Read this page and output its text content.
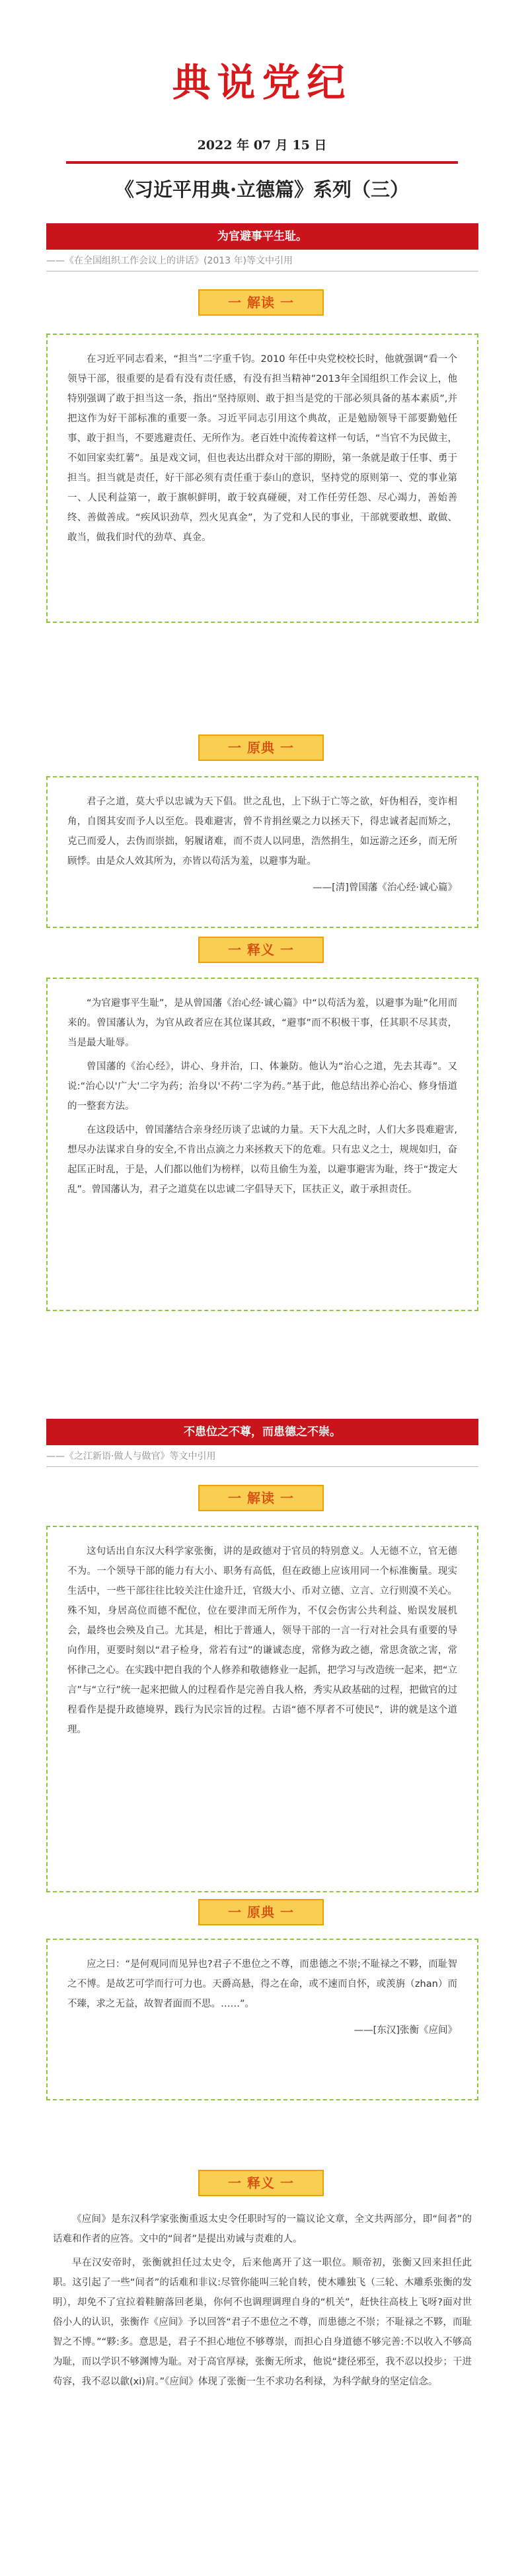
典说党纪
2022 年 07 月 15 日
《习近平用典·立德篇》系列（三）
为官避事平生耻。
——《在全国组织工作会议上的讲话》(2013 年)等文中引用
一 解读 一

在习近平同志看来，“担当”二字重千钧。2010 年任中央党校校长时，他就强调“看一个领导干部，很重要的是看有没有责任感，有没有担当精神”2013年全国组织工作会议上，他特别强调了敢于担当这一条，指出“坚持原则、敢于担当是党的干部必须具备的基本素质”,并把这作为好干部标准的重要一条。习近平同志引用这个典故，正是勉励领导干部要勤勉任事、敢于担当，不要逃避责任、无所作为。老百姓中流传着这样一句话，“当官不为民做主，不如回家卖红薯”。虽是戏文词，但也表达出群众对干部的期盼，第一条就是敢于任事、勇于担当。担当就是责任，好干部必须有责任重于泰山的意识，坚持党的原则第一、党的事业第一、人民利益第一，敢于旗帜鲜明，敢于较真碰硬，对工作任劳任怨、尽心竭力，善始善终、善做善成。“疾风识劲草，烈火见真金”，为了党和人民的事业，干部就要敢想、敢做、敢当，做我们时代的劲草、真金。

一 原典 一

君子之道，莫大乎以忠诚为天下倡。世之乱也，上下纵于亡等之欲，奸伪相吞，变诈相角，自图其安而予人以至危。畏难避害，曾不肯捐丝粟之力以拯天下，得忠诚者起而矫之，克己而爱人，去伪而崇拙，躬履诸难，而不责人以同患，浩然捐生，如远游之还乡，而无所顾悸。由是众人效其所为，亦皆以苟活为羞，以避事为耻。

——[清]曾国藩《治心经·诚心篇》

一 释义 一

“为官避事平生耻”，是从曾国藩《治心经·诚心篇》中“以苟活为羞，以避事为耻”化用而来的。曾国藩认为，为官从政者应在其位谋其政，“避事”而不积极干事，任其职不尽其责，当是最大耻辱。

曾国藩的《治心经》，讲心、身并治，口、体兼防。他认为“治心之道，先去其毒”。又说:“治心以'广大'二字为药；治身以'不药'二字为药。”基于此，他总结出养心治心、修身悟道的一整套方法。

在这段话中，曾国藩结合亲身经历谈了忠诚的力量。天下大乱之时，人们大多畏难避害,想尽办法谋求自身的安全,不肯出点滴之力来拯救天下的危难。只有忠义之士，规规如归，奋起匡正时乱，于是，人们都以他们为榜样，以苟且偷生为羞，以避事避害为耻，终于“拨定大乱”。曾国藩认为，君子之道莫在以忠诚二字倡导天下，匡扶正义，敢于承担责任。

不患位之不尊，而患德之不崇。
——《之江新语·做人与做官》等文中引用
一 解读 一

这句话出自东汉大科学家张衡，讲的是政德对于官员的特别意义。人无德不立，官无德不为。一个领导干部的能力有大小、职务有高低，但在政德上应该用同一个标准衡量。现实生活中，一些干部往往比较关注仕途升迁，官级大小、币对立德、立言、立行则漠不关心。殊不知，身居高位而德不配位，位在要津而无所作为，不仅会伤害公共利益、贻误发展机会，最终也会殃及自己。尤其是，相比于普通人，领导干部的一言一行对社会具有重要的导向作用，更要时刻以“君子检身，常若有过”的谦诚态度，常修为政之德，常思贪欲之害，常怀律己之心。在实践中把自我的个人修养和敬德修业一起抓，把学习与改造统一起来，把“立言”与“立行”统一起来把做人的过程看作是完善自我人格，秀实从政基础的过程，把做官的过程看作是提升政德境界，践行为民宗旨的过程。古语“德不厚者不可使民”，讲的就是这个道理。

一 原典 一

应之曰：“是何观同而见异也?君子不患位之不尊，而患德之不崇;不耻禄之不夥，而耻智之不博。是故艺可学而行可力也。天爵高悬，得之在命，或不速而自怀，或羡旃（zhan）而不臻，求之无益，故智者面而不思。……”。

——[东汉]张衡《应间》

一 释义 一

《应间》是东汉科学家张衡重返太史令任职时写的一篇议论文章，全文共两部分，即“间者”的话难和作者的应答。文中的“间者”是提出劝诫与责难的人。

早在汉安帝时，张衡就担任过太史令，后来他离开了这一职位。顺帝初，张衡又回来担任此职。这引起了一些“间者”的话难和非议:尽管你能叫三轮自转，使木雕独飞（三轮、木雕系张衡的发明），却免不了宜拉着鞋腑落回老巢，你何不也调理调理自身的“机关”，赶快往高枝上飞呀?面对世俗小人的认识，张衡作《应间》予以回答“君子不患位之不尊，而患德之不崇；不耻禄之不夥，而耻智之不博。”“夥:多。意思是，君子不担心地位不够尊崇，而担心自身道德不够完善:不以收入不够高为耻，而以学识不够渊博为耻。对于高官厚禄，张衡无所求，他说“捷径邪至，我不忍以投步；干进苟容，我不忍以歙(xi)肩。”《应间》体现了张衡一生不求功名利禄，为科学献身的坚定信念。
